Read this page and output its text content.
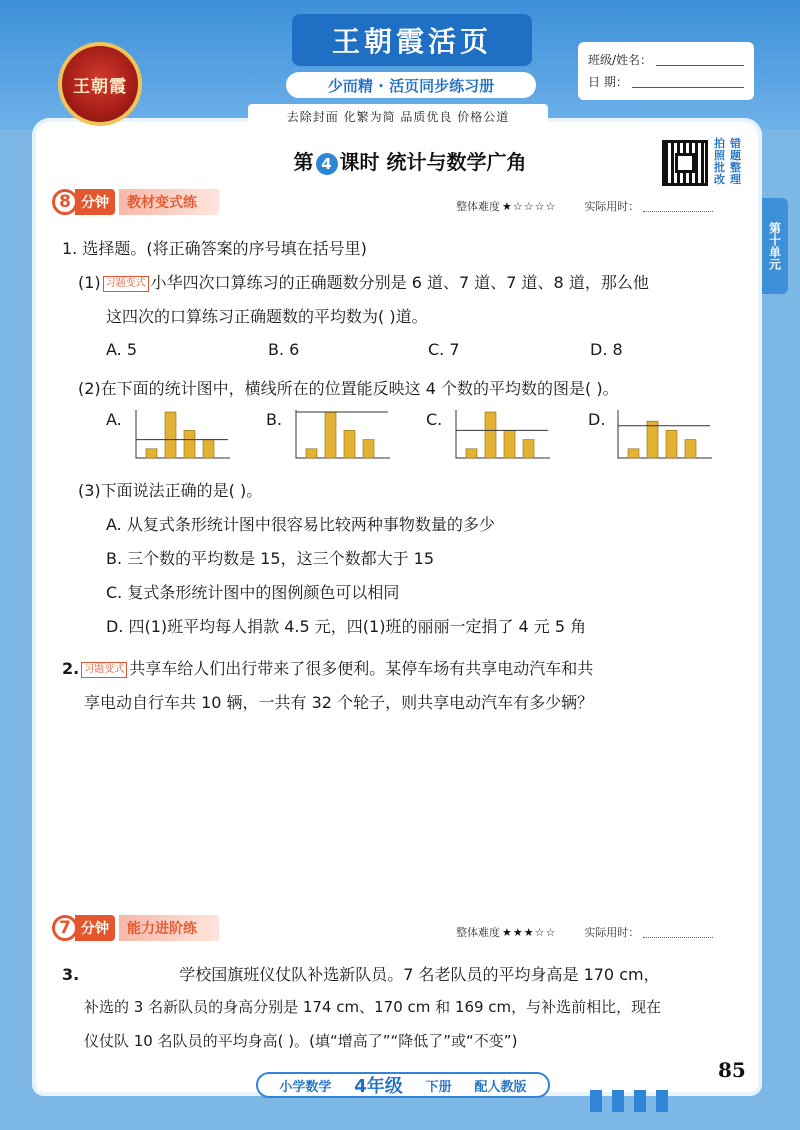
王朝霞
王朝霞活页
少而精 · 活页同步练习册
去除封面 化繁为简 品质优良 价格公道
班级/姓名：
日 期：
第 4 课时 统计与数学广角
拍 错
照 题
批 整
改 理
第十单元
8 分钟	教材变式练	整体难度 ★☆☆☆☆	实际用时：
1. 选择题。(将正确答案的序号填在括号里)
(1) 习题变式 小华四次口算练习的正确题数分别是 6 道、7 道、7 道、8 道，那么他
这四次的口算练习正确题数的平均数为( )道。
A. 5	B. 6	C. 7	D. 8
(2)在下面的统计图中，横线所在的位置能反映这 4 个数的平均数的图是( )。
A.	B.	C.	D.
(3)下面说法正确的是( )。
A. 从复式条形统计图中很容易比较两种事物数量的多少
B. 三个数的平均数是 15，这三个数都大于 15
C. 复式条形统计图中的图例颜色可以相同
D. 四(1)班平均每人捐款 4.5 元，四(1)班的丽丽一定捐了 4 元 5 角
2. 习题变式 共享车给人们出行带来了很多便利。某停车场有共享电动汽车和共
享电动自行车共 10 辆，一共有 32 个轮子，则共享电动汽车有多少辆？
7 分钟	能力进阶练	整体难度 ★★★☆☆	实际用时：
3.	学校国旗班仪仗队补选新队员。7 名老队员的平均身高是 170 cm，
补选的 3 名新队员的身高分别是 174 cm、170 cm 和 169 cm，与补选前相比，现在
仪仗队 10 名队员的平均身高( )。(填“增高了”“降低了”或“不变”)
85
小学数学 4年级 下册 配人教版
